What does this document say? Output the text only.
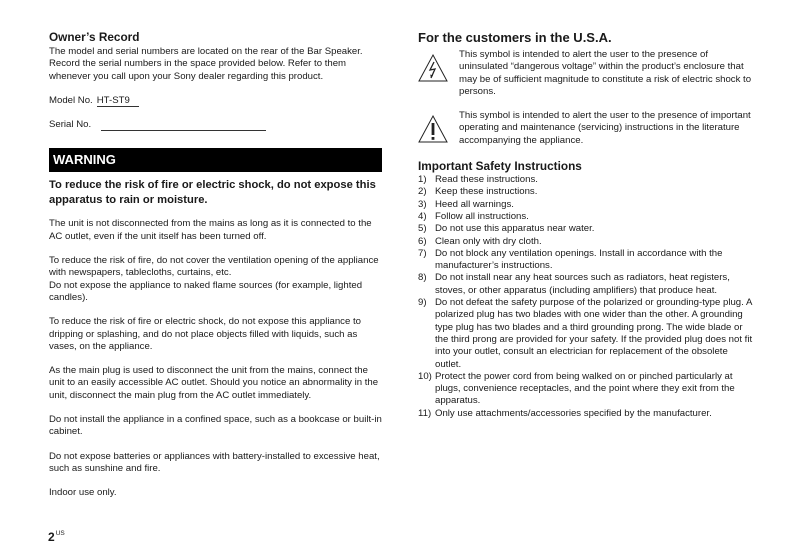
Owner’s Record

The model and serial numbers are located on the rear of the Bar Speaker. Record the serial numbers in the space provided below. Refer to them whenever you call upon your Sony dealer regarding this product.

Model No. HT-ST9
Serial No.
WARNING

To reduce the risk of fire or electric shock, do not expose this apparatus to rain or moisture.

The unit is not disconnected from the mains as long as it is connected to the AC outlet, even if the unit itself has been turned off.

To reduce the risk of fire, do not cover the ventilation opening of the appliance with newspapers, tablecloths, curtains, etc.

Do not expose the appliance to naked flame sources (for example, lighted candles).

To reduce the risk of fire or electric shock, do not expose this appliance to dripping or splashing, and do not place objects filled with liquids, such as vases, on the appliance.

As the main plug is used to disconnect the unit from the mains, connect the unit to an easily accessible AC outlet. Should you notice an abnormality in the unit, disconnect the main plug from the AC outlet immediately.

Do not install the appliance in a confined space, such as a bookcase or built-in cabinet.

Do not expose batteries or appliances with battery-installed to excessive heat, such as sunshine and fire.

Indoor use only.

$2^{US}$
For the customers in the U.S.A.

This symbol is intended to alert the user to the presence of uninsulated “dangerous voltage” within the product’s enclosure that may be of sufficient magnitude to constitute a risk of electric shock to persons.

This symbol is intended to alert the user to the presence of important operating and maintenance (servicing) instructions in the literature accompanying the appliance.

Important Safety Instructions
1) Read these instructions.
2) Keep these instructions.
3) Heed all warnings.
4) Follow all instructions.
5) Do not use this apparatus near water.
6) Clean only with dry cloth.
7) Do not block any ventilation openings. Install in accordance with the manufacturer’s instructions.
8) Do not install near any heat sources such as radiators, heat registers, stoves, or other apparatus (including amplifiers) that produce heat.
9) Do not defeat the safety purpose of the polarized or grounding-type plug. A polarized plug has two blades with one wider than the other. A grounding type plug has two blades and a third grounding prong. The wide blade or the third prong are provided for your safety. If the provided plug does not fit into your outlet, consult an electrician for replacement of the obsolete outlet.
10) Protect the power cord from being walked on or pinched particularly at plugs, convenience receptacles, and the point where they exit from the apparatus.
11) Only use attachments/accessories specified by the manufacturer.
